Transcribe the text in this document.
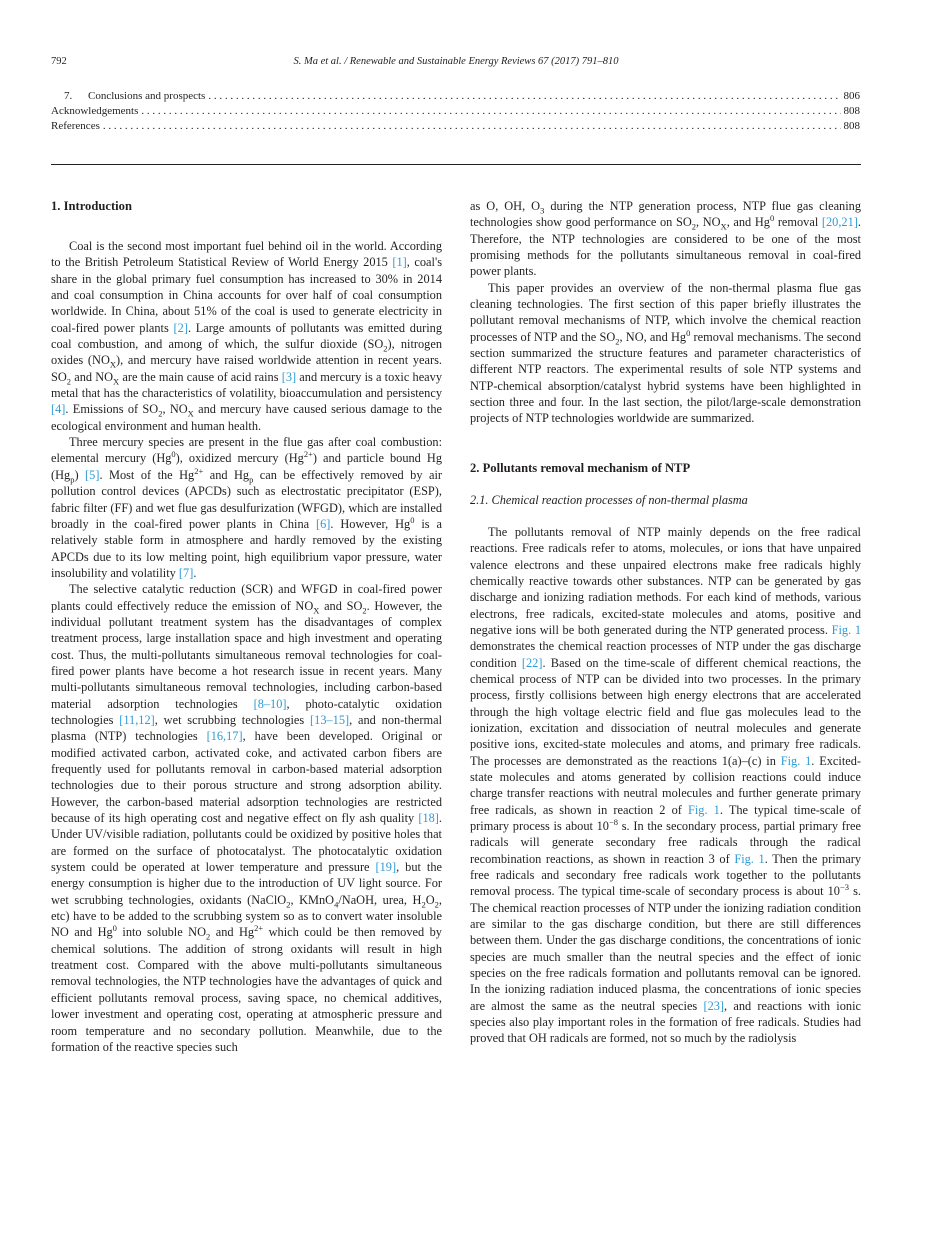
792	S. Ma et al. / Renewable and Sustainable Energy Reviews 67 (2017) 791–810
7.	Conclusions and prospects . . .	806
Acknowledgements . . .	808
References . . .	808
1. Introduction

Coal is the second most important fuel behind oil in the world. According to the British Petroleum Statistical Review of World Energy 2015 [1], coal's share in the global primary fuel consumption has increased to 30% in 2014 and coal consumption in China accounts for over half of coal consumption worldwide. In China, about 51% of the coal is used to generate electricity in coal-fired power plants [2]. Large amounts of pollutants was emitted during coal combustion, and among of which, the sulfur dioxide $(SO_2)$, nitrogen oxides $(NO_X)$, and mercury have raised worldwide attention in recent years. $SO_2$ and $NO_X$ are the main cause of acid rains [3] and mercury is a toxic heavy metal that has the characteristics of volatility, bioaccumulation and persistency [4]. Emissions of $SO_2$, $NO_X$ and mercury have caused serious damage to the ecological environment and human health.

Three mercury species are present in the flue gas after coal combustion: elemental mercury (Hg$^0$), oxidized mercury $(Hg^{2+})$ and particle bound Hg $(Hg_p)$ [5]. Most of the $Hg^{2+}$ and $Hg_p$ can be effectively removed by air pollution control devices (APCDs) such as electrostatic precipitator (ESP), fabric filter (FF) and wet flue gas desulfurization (WFGD), which are installed broadly in the coal-fired power plants in China [6]. However, Hg$^0$ is a relatively stable form in atmosphere and hardly removed by the existing APCDs due to its low melting point, high equilibrium vapor pressure, water insolubility and volatility [7].

The selective catalytic reduction (SCR) and WFGD in coal-fired power plants could effectively reduce the emission of $NO_X$ and $SO_2$. However, the individual pollutant treatment system has the disadvantages of complex treatment process, large installation space and high investment and operating cost. Thus, the multi-pollutants simultaneous removal technologies for coal-fired power plants have become a hot research issue in recent years. Many multi-pollutants simultaneous removal technologies, including carbon-based material adsorption technologies [8–10], photo-catalytic oxidation technologies [11,12], wet scrubbing technologies [13–15], and non-thermal plasma (NTP) technologies [16,17], have been developed. Original or modified activated carbon, activated coke, and activated carbon fibers are frequently used for pollutants removal in carbon-based material adsorption technologies due to their porous structure and strong adsorption ability. However, the carbon-based material adsorption technologies are restricted because of its high operating cost and negative effect on fly ash quality [18]. Under UV/visible radiation, pollutants could be oxidized by positive holes that are formed on the surface of photocatalyst. The photocatalytic oxidation system could be operated at lower temperature and pressure [19], but the energy consumption is higher due to the introduction of UV light source. For wet scrubbing technologies, oxidants (NaClO$_2$, KMnO$_4$/NaOH, urea, $H_2O_2$, etc) have to be added to the scrubbing system so as to convert water insoluble NO and Hg$^0$ into soluble $NO_2$ and $Hg^{2+}$ which could be then removed by chemical solutions. The addition of strong oxidants will result in high treatment cost. Compared with the above multi-pollutants simultaneous removal technologies, the NTP technologies have the advantages of quick and efficient pollutants removal process, saving space, no chemical additives, lower investment and operating cost, operating at atmospheric pressure and room temperature and no secondary pollution. Meanwhile, due to the formation of the reactive species such

as O, OH, $O_3$ during the NTP generation process, NTP flue gas cleaning technologies show good performance on $SO_2$, $NO_X$, and Hg$^0$ removal [20,21]. Therefore, the NTP technologies are considered to be one of the most promising methods for the pollutants simultaneous removal in coal-fired power plants.

This paper provides an overview of the non-thermal plasma flue gas cleaning technologies. The first section of this paper briefly illustrates the pollutant removal mechanisms of NTP, which involve the chemical reaction processes of NTP and the $SO_2$, NO, and Hg$^0$ removal mechanisms. The second section summarized the structure features and parameter characteristics of different NTP reactors. The experimental results of sole NTP systems and NTP-chemical absorption/catalyst hybrid systems have been highlighted in section three and four. In the last section, the pilot/large-scale demonstration projects of NTP technologies worldwide are summarized.

2. Pollutants removal mechanism of NTP
2.1. Chemical reaction processes of non-thermal plasma

The pollutants removal of NTP mainly depends on the free radical reactions. Free radicals refer to atoms, molecules, or ions that have unpaired valence electrons and these unpaired electrons make free radicals highly chemically reactive towards other substances. NTP can be generated by gas discharge and ionizing radiation methods. For each kind of methods, various electrons, free radicals, excited-state molecules and atoms, positive and negative ions will be both generated during the NTP generated process. Fig. 1 demonstrates the chemical reaction processes of NTP under the gas discharge condition [22]. Based on the time-scale of different chemical reactions, the chemical process of NTP can be divided into two processes. In the primary process, firstly collisions between high energy electrons that are accelerated through the high voltage electric field and flue gas molecules lead to the ionization, excitation and dissociation of neutral molecules and generate positive ions, excited-state molecules and atoms, and primary free radicals. The processes are demonstrated as the reactions 1(a)–(c) in Fig. 1. Excited-state molecules and atoms generated by collision reactions could induce charge transfer reactions with neutral molecules and further generate primary free radicals, as shown in reaction 2 of Fig. 1. The typical time-scale of primary process is about $10^{-8}$ s. In the secondary process, partial primary free radicals will generate secondary free radicals through the radical recombination reactions, as shown in reaction 3 of Fig. 1. Then the primary free radicals and secondary free radicals work together to the pollutants removal process. The typical time-scale of secondary process is about $10^{-3}$ s. The chemical reaction processes of NTP under the ionizing radiation condition are similar to the gas discharge condition, but there are still differences between them. Under the gas discharge conditions, the concentrations of ionic species are much smaller than the neutral species and the effect of ionic species on the free radicals formation and pollutants removal can be ignored. In the ionizing radiation induced plasma, the concentrations of ionic species are almost the same as the neutral species [23], and reactions with ionic species also play important roles in the formation of free radicals. Studies had proved that OH radicals are formed, not so much by the radiolysis
